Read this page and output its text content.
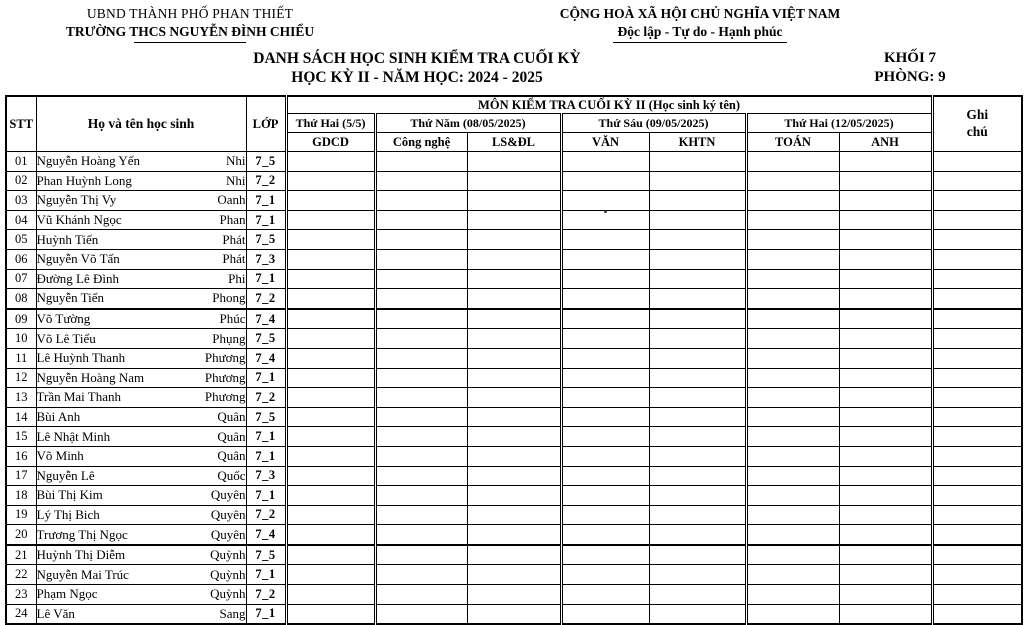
UBND THÀNH PHỐ PHAN THIẾT
TRƯỜNG THCS NGUYỄN ĐÌNH CHIỂU
CỘNG HOÀ XÃ HỘI CHỦ NGHĨA VIỆT NAM
Độc lập - Tự do - Hạnh phúc
DANH SÁCH HỌC SINH KIỂM TRA CUỐI KỲ
HỌC KỲ II - NĂM HỌC: 2024 - 2025
KHỐI 7
PHÒNG: 9
STT	Họ và tên học sinh	LỚP	MÔN KIỂM TRA CUỐI KỲ II (Học sinh ký tên)							Ghi
chú
			Thứ Hai (5/5)	Thứ Năm (08/05/2025)		Thứ Sáu (09/05/2025)		Thứ Hai (12/05/2025)		
			GDCD	Công nghệ	LS&ĐL	VĂN	KHTN	TOÁN	ANH	
01	Nguyễn Hoàng Yến Nhi	7_5								
02	Phan Huỳnh Long Nhi	7_2								
03	Nguyễn Thị Vy Oanh	7_1								
04	Vũ Khánh Ngọc Phan	7_1								
05	Huỳnh Tiến Phát	7_5								
06	Nguyễn Võ Tấn Phát	7_3								
07	Đường Lê Đình Phi	7_1								
08	Nguyễn Tiến Phong	7_2								
09	Võ Tường Phúc	7_4								
10	Võ Lê Tiểu Phụng	7_5								
11	Lê Huỳnh Thanh Phương	7_4								
12	Nguyễn Hoàng Nam Phương	7_1								
13	Trần Mai Thanh Phương	7_2								
14	Bùi Anh Quân	7_5								
15	Lê Nhật Minh Quân	7_1								
16	Võ Minh Quân	7_1								
17	Nguyễn Lê Quốc	7_3								
18	Bùi Thị Kim Quyên	7_1								
19	Lý Thị Bich Quyên	7_2								
20	Trương Thị Ngọc Quyên	7_4								
21	Huỳnh Thị Diễm Quỳnh	7_5								
22	Nguyễn Mai Trúc Quỳnh	7_1								
23	Phạm Ngọc Quỳnh	7_2								
24	Lê Văn Sang	7_1								
